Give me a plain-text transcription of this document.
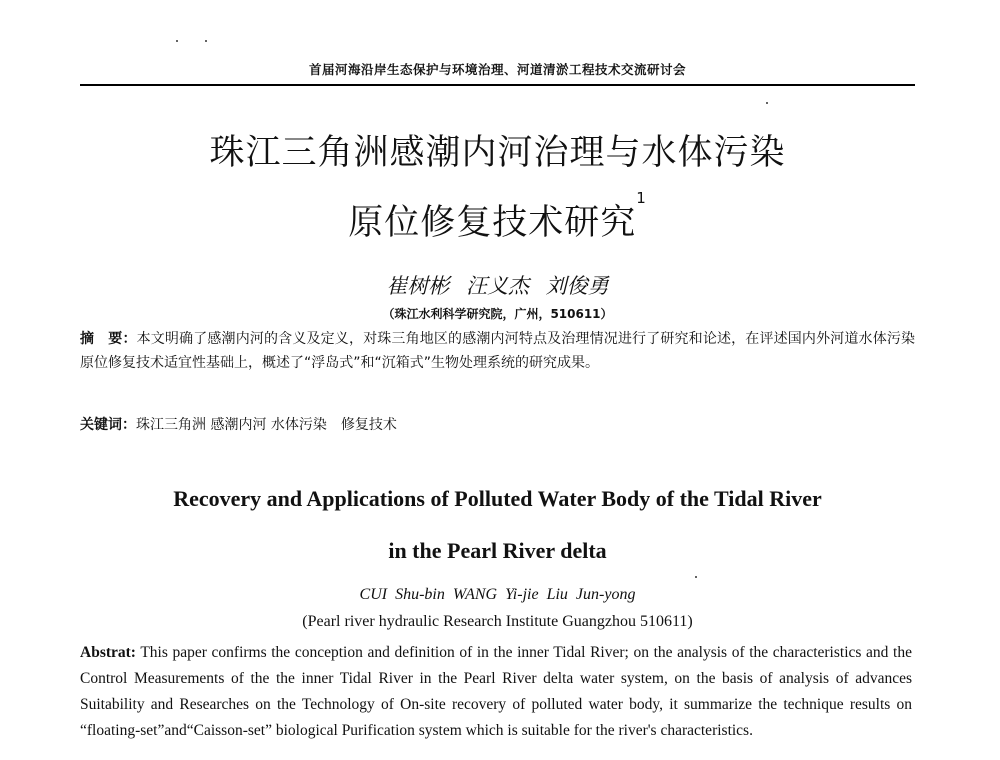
首届河海沿岸生态保护与环境治理、河道清淤工程技术交流研讨会
珠江三角洲感潮内河治理与水体污染
原位修复技术研究$^1$
崔树彬 汪义杰 刘俊勇
（珠江水利科学研究院，广州，510611）
摘　要：本文明确了感潮内河的含义及定义，对珠三角地区的感潮内河特点及治理情况进行了研究和论述，在评述国内外河道水体污染原位修复技术适宜性基础上，概述了“浮岛式”和“沉箱式”生物处理系统的研究成果。
关键词：珠江三角洲 感潮内河 水体污染　修复技术
Recovery and Applications of Polluted Water Body of the Tidal River
in the Pearl River delta
CUI Shu-bin WANG Yi-jie Liu Jun-yong
(Pearl river hydraulic Research Institute Guangzhou 510611)
Abstrat: This paper confirms the conception and definition of in the inner Tidal River; on the analysis of the characteristics and the Control Measurements of the the inner Tidal River in the Pearl River delta water system, on the basis of analysis of advances Suitability and Researches on the Technology of On-site recovery of polluted water body, it summarize the technique results on “floating-set”and“Caisson-set” biological Purification system which is suitable for the river's characteristics.
